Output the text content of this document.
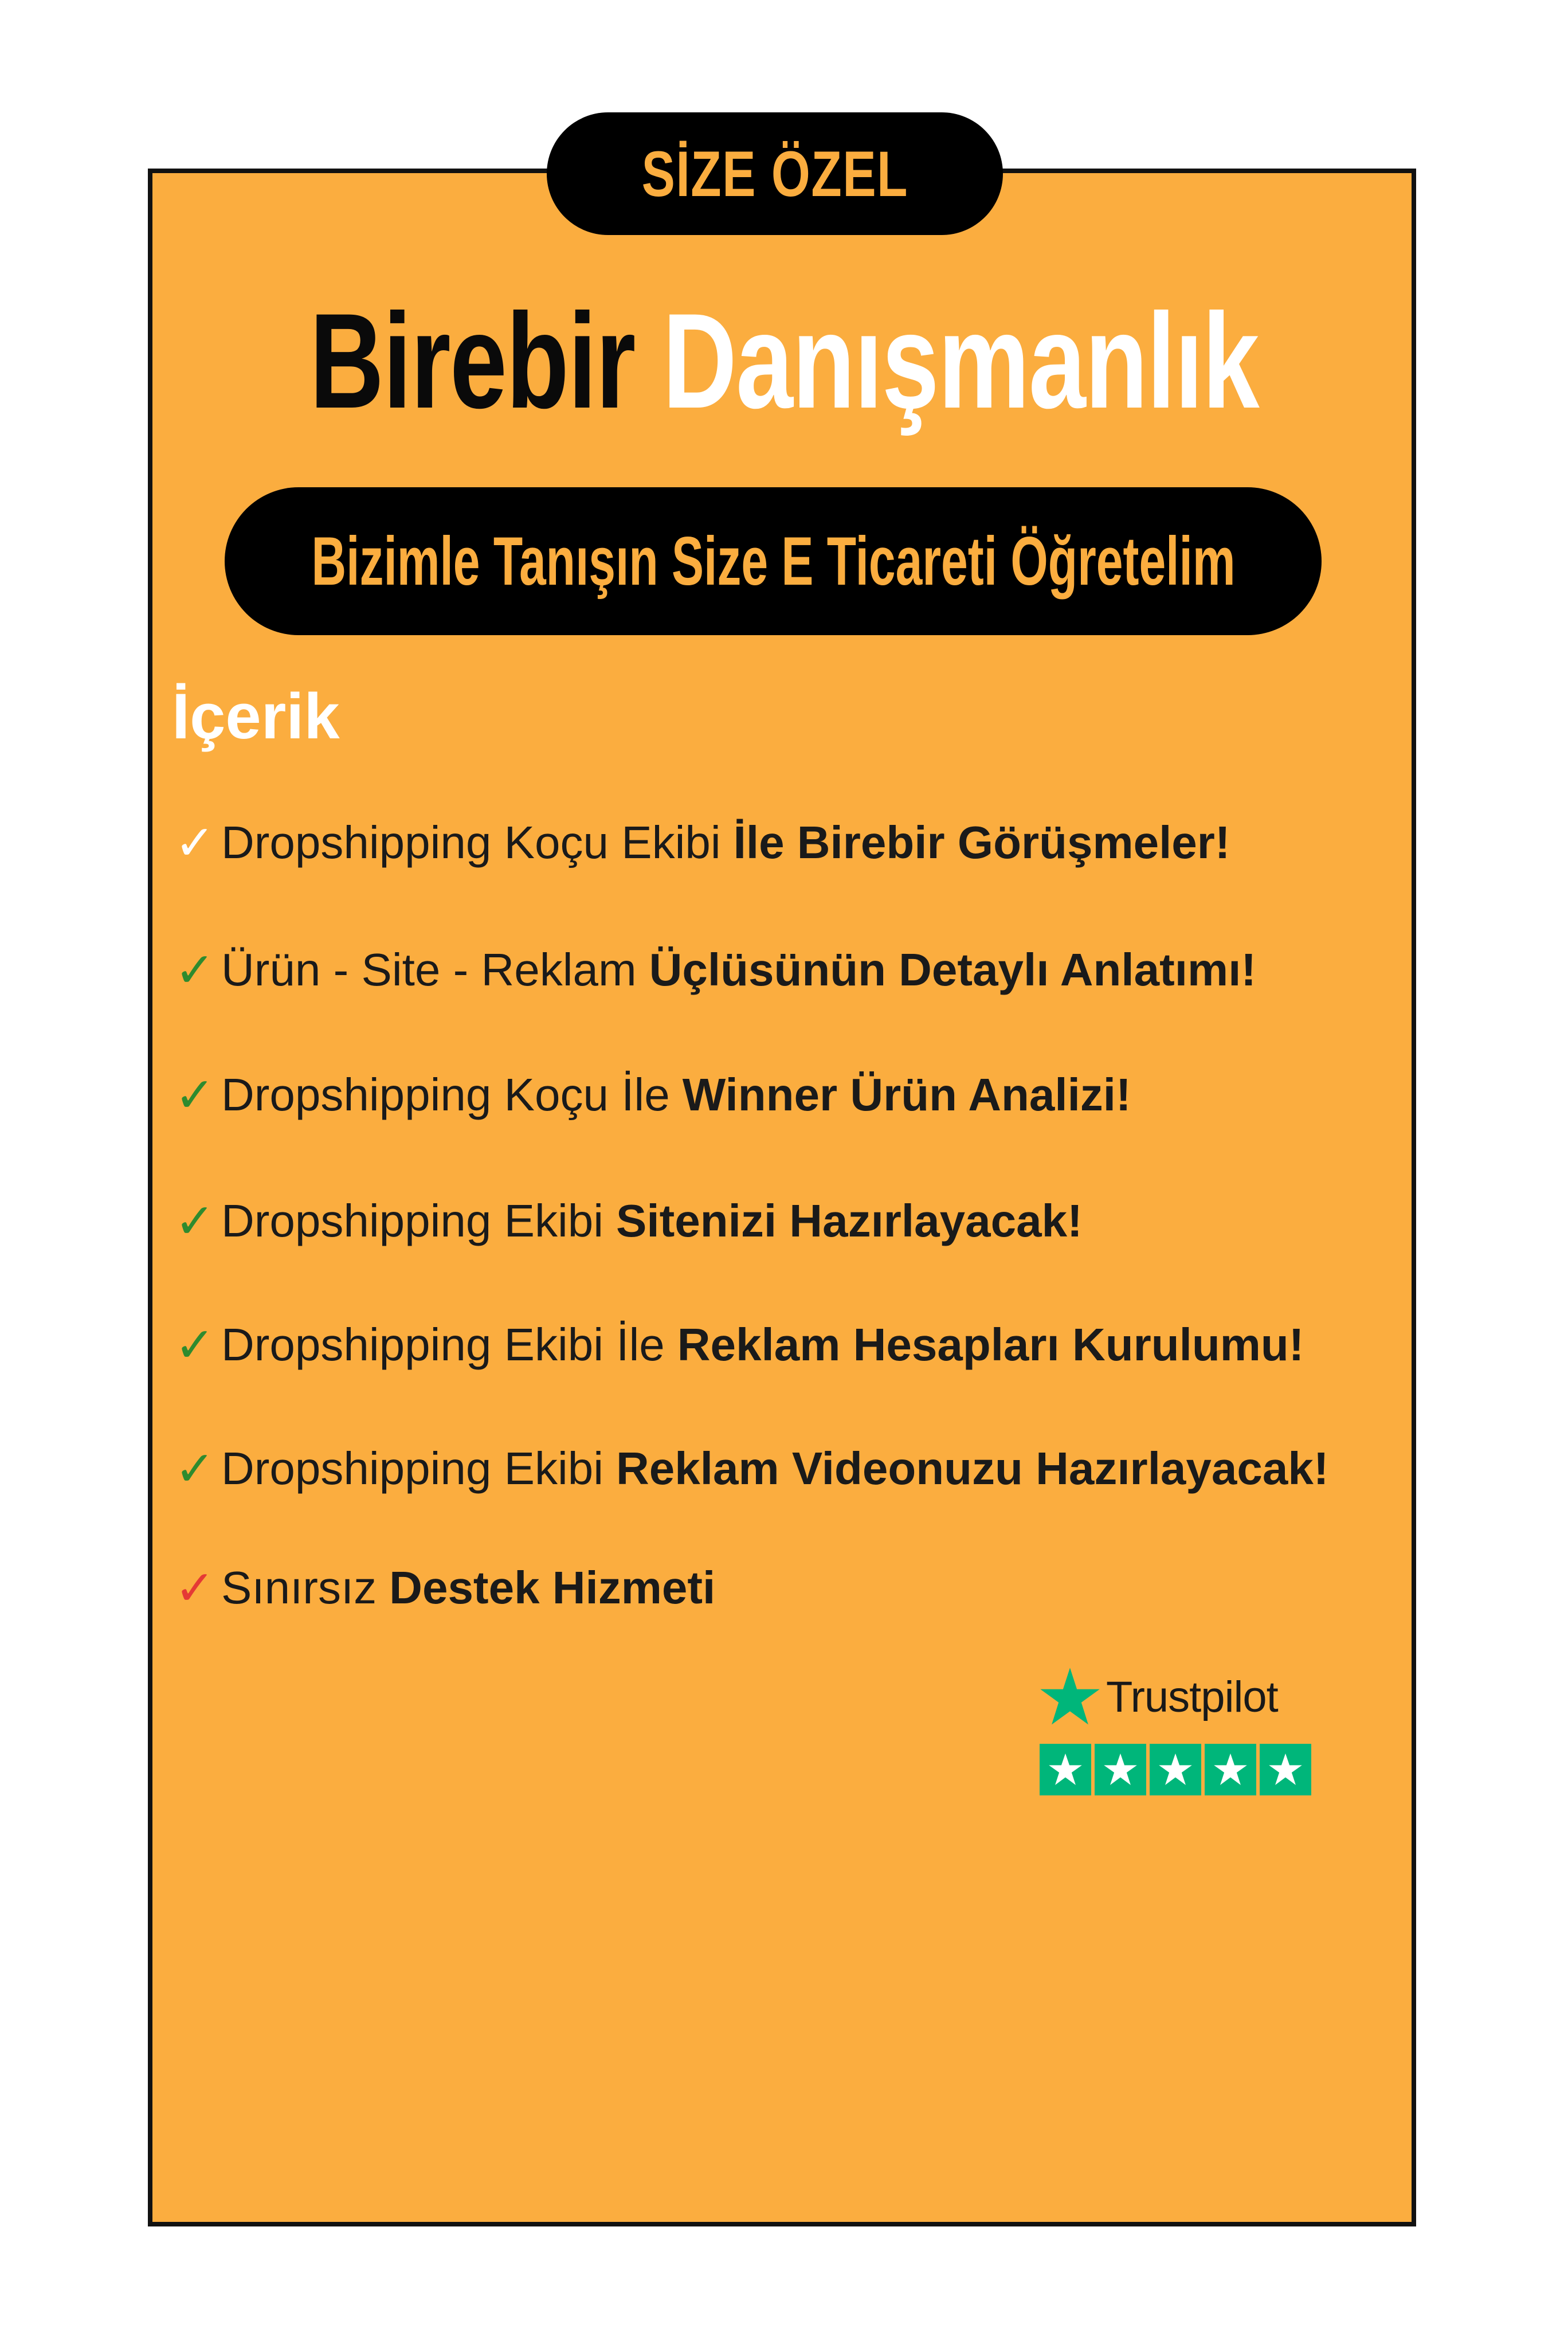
SİZE ÖZEL
Birebir Danışmanlık
Bizimle Tanışın Size E Ticareti Öğretelim
İçerik
✓ Dropshipping Koçu Ekibi İle Birebir Görüşmeler!
✓ Ürün - Site - Reklam Üçlüsünün Detaylı Anlatımı!
✓ Dropshipping Koçu İle Winner Ürün Analizi!
✓ Dropshipping Ekibi Sitenizi Hazırlayacak!
✓ Dropshipping Ekibi İle Reklam Hesapları Kurulumu!
✓ Dropshipping Ekibi Reklam Videonuzu Hazırlayacak!
✓ Sınırsız Destek Hizmeti
Trustpilot
